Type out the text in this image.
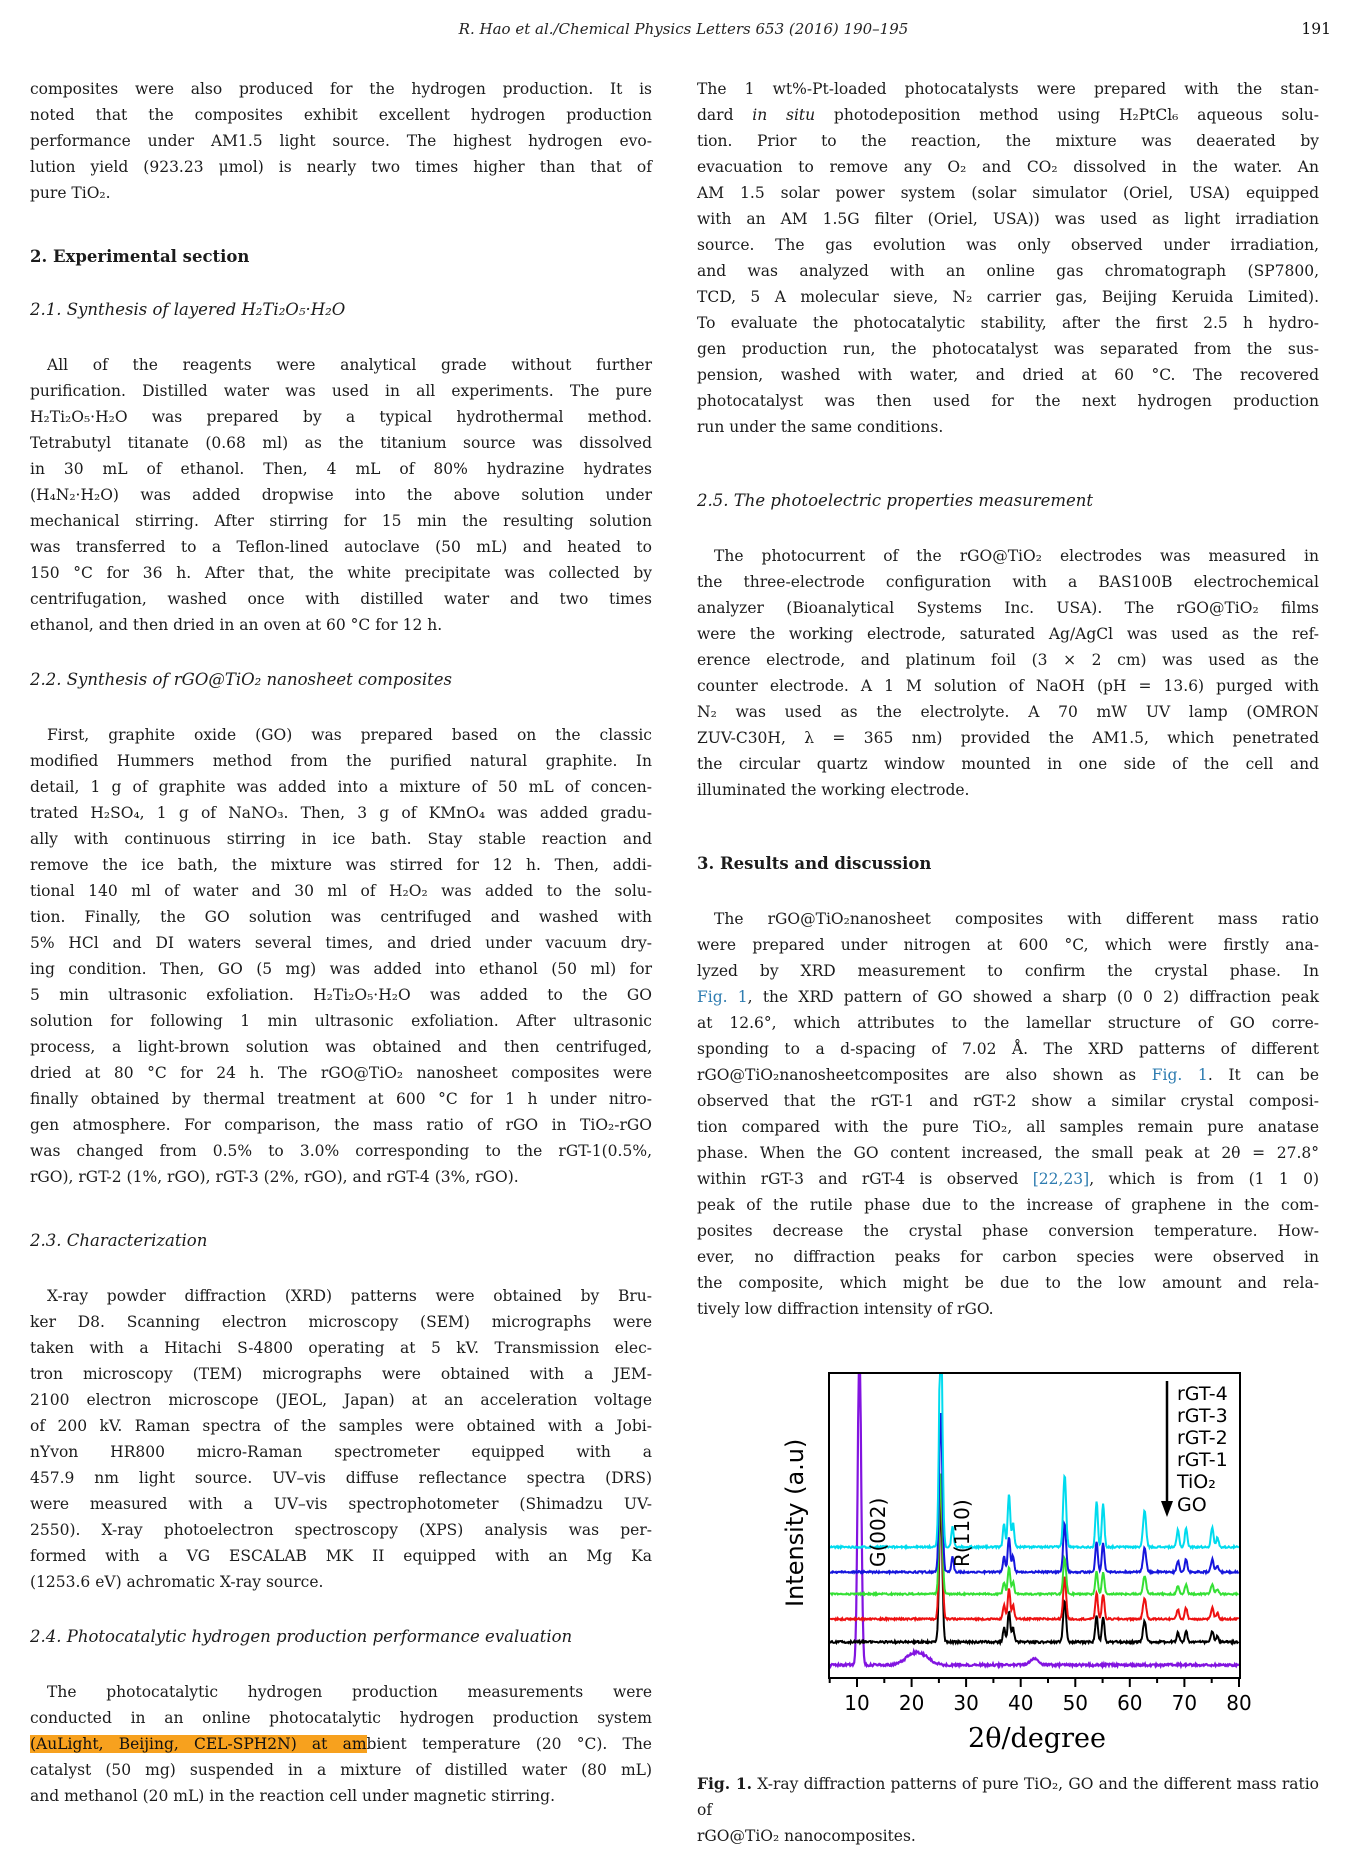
R. Hao et al./Chemical Physics Letters 653 (2016) 190–195	191
composites were also produced for the hydrogen production. It is
noted that the composites exhibit excellent hydrogen production
performance under AM1.5 light source. The highest hydrogen evo-
lution yield (923.23 μmol) is nearly two times higher than that of
pure TiO₂.
2. Experimental section
2.1. Synthesis of layered H₂Ti₂O₅·H₂O
All of the reagents were analytical grade without further
purification. Distilled water was used in all experiments. The pure
H₂Ti₂O₅·H₂O was prepared by a typical hydrothermal method.
Tetrabutyl titanate (0.68 ml) as the titanium source was dissolved
in 30 mL of ethanol. Then, 4 mL of 80% hydrazine hydrates
(H₄N₂·H₂O) was added dropwise into the above solution under
mechanical stirring. After stirring for 15 min the resulting solution
was transferred to a Teflon-lined autoclave (50 mL) and heated to
150 °C for 36 h. After that, the white precipitate was collected by
centrifugation, washed once with distilled water and two times
ethanol, and then dried in an oven at 60 °C for 12 h.
2.2. Synthesis of rGO@TiO₂ nanosheet composites
First, graphite oxide (GO) was prepared based on the classic
modified Hummers method from the purified natural graphite. In
detail, 1 g of graphite was added into a mixture of 50 mL of concen-
trated H₂SO₄, 1 g of NaNO₃. Then, 3 g of KMnO₄ was added gradu-
ally with continuous stirring in ice bath. Stay stable reaction and
remove the ice bath, the mixture was stirred for 12 h. Then, addi-
tional 140 ml of water and 30 ml of H₂O₂ was added to the solu-
tion. Finally, the GO solution was centrifuged and washed with
5% HCl and DI waters several times, and dried under vacuum dry-
ing condition. Then, GO (5 mg) was added into ethanol (50 ml) for
5 min ultrasonic exfoliation. H₂Ti₂O₅·H₂O was added to the GO
solution for following 1 min ultrasonic exfoliation. After ultrasonic
process, a light-brown solution was obtained and then centrifuged,
dried at 80 °C for 24 h. The rGO@TiO₂ nanosheet composites were
finally obtained by thermal treatment at 600 °C for 1 h under nitro-
gen atmosphere. For comparison, the mass ratio of rGO in TiO₂-rGO
was changed from 0.5% to 3.0% corresponding to the rGT-1(0.5%,
rGO), rGT-2 (1%, rGO), rGT-3 (2%, rGO), and rGT-4 (3%, rGO).
2.3. Characterization
X-ray powder diffraction (XRD) patterns were obtained by Bru-
ker D8. Scanning electron microscopy (SEM) micrographs were
taken with a Hitachi S-4800 operating at 5 kV. Transmission elec-
tron microscopy (TEM) micrographs were obtained with a JEM-
2100 electron microscope (JEOL, Japan) at an acceleration voltage
of 200 kV. Raman spectra of the samples were obtained with a Jobi-
nYvon HR800 micro-Raman spectrometer equipped with a
457.9 nm light source. UV–vis diffuse reflectance spectra (DRS)
were measured with a UV–vis spectrophotometer (Shimadzu UV-
2550). X-ray photoelectron spectroscopy (XPS) analysis was per-
formed with a VG ESCALAB MK II equipped with an Mg Ka
(1253.6 eV) achromatic X-ray source.
2.4. Photocatalytic hydrogen production performance evaluation
The photocatalytic hydrogen production measurements were
conducted in an online photocatalytic hydrogen production system
(AuLight, Beijing, CEL-SPH2N) at ambient temperature (20 °C). The
catalyst (50 mg) suspended in a mixture of distilled water (80 mL)
and methanol (20 mL) in the reaction cell under magnetic stirring.
The 1 wt%-Pt-loaded photocatalysts were prepared with the stan-
dard in situ photodeposition method using H₂PtCl₆ aqueous solu-
tion. Prior to the reaction, the mixture was deaerated by
evacuation to remove any O₂ and CO₂ dissolved in the water. An
AM 1.5 solar power system (solar simulator (Oriel, USA) equipped
with an AM 1.5G filter (Oriel, USA)) was used as light irradiation
source. The gas evolution was only observed under irradiation,
and was analyzed with an online gas chromatograph (SP7800,
TCD, 5 A molecular sieve, N₂ carrier gas, Beijing Keruida Limited).
To evaluate the photocatalytic stability, after the first 2.5 h hydro-
gen production run, the photocatalyst was separated from the sus-
pension, washed with water, and dried at 60 °C. The recovered
photocatalyst was then used for the next hydrogen production
run under the same conditions.
2.5. The photoelectric properties measurement
The photocurrent of the rGO@TiO₂ electrodes was measured in
the three-electrode configuration with a BAS100B electrochemical
analyzer (Bioanalytical Systems Inc. USA). The rGO@TiO₂ films
were the working electrode, saturated Ag/AgCl was used as the ref-
erence electrode, and platinum foil (3 × 2 cm) was used as the
counter electrode. A 1 M solution of NaOH (pH = 13.6) purged with
N₂ was used as the electrolyte. A 70 mW UV lamp (OMRON
ZUV-C30H, λ = 365 nm) provided the AM1.5, which penetrated
the circular quartz window mounted in one side of the cell and
illuminated the working electrode.
3. Results and discussion
The rGO@TiO₂nanosheet composites with different mass ratio
were prepared under nitrogen at 600 °C, which were firstly ana-
lyzed by XRD measurement to confirm the crystal phase. In
Fig. 1, the XRD pattern of GO showed a sharp (0 0 2) diffraction peak
at 12.6°, which attributes to the lamellar structure of GO corre-
sponding to a d-spacing of 7.02 Å. The XRD patterns of different
rGO@TiO₂nanosheetcomposites are also shown as Fig. 1. It can be
observed that the rGT-1 and rGT-2 show a similar crystal composi-
tion compared with the pure TiO₂, all samples remain pure anatase
phase. When the GO content increased, the small peak at 2θ = 27.8°
within rGT-3 and rGT-4 is observed [22,23], which is from (1 1 0)
peak of the rutile phase due to the increase of graphene in the com-
posites decrease the crystal phase conversion temperature. How-
ever, no diffraction peaks for carbon species were observed in
the composite, which might be due to the low amount and rela-
tively low diffraction intensity of rGO.
10 20 30 40 50 60 70 80
2θ/degree
Intensity (a.u)	G(002)	R(110)
rGT-4
rGT-3
rGT-2
rGT-1
TiO₂
GO
Fig. 1. X-ray diffraction patterns of pure TiO₂, GO and the different mass ratio of
rGO@TiO₂ nanocomposites.
